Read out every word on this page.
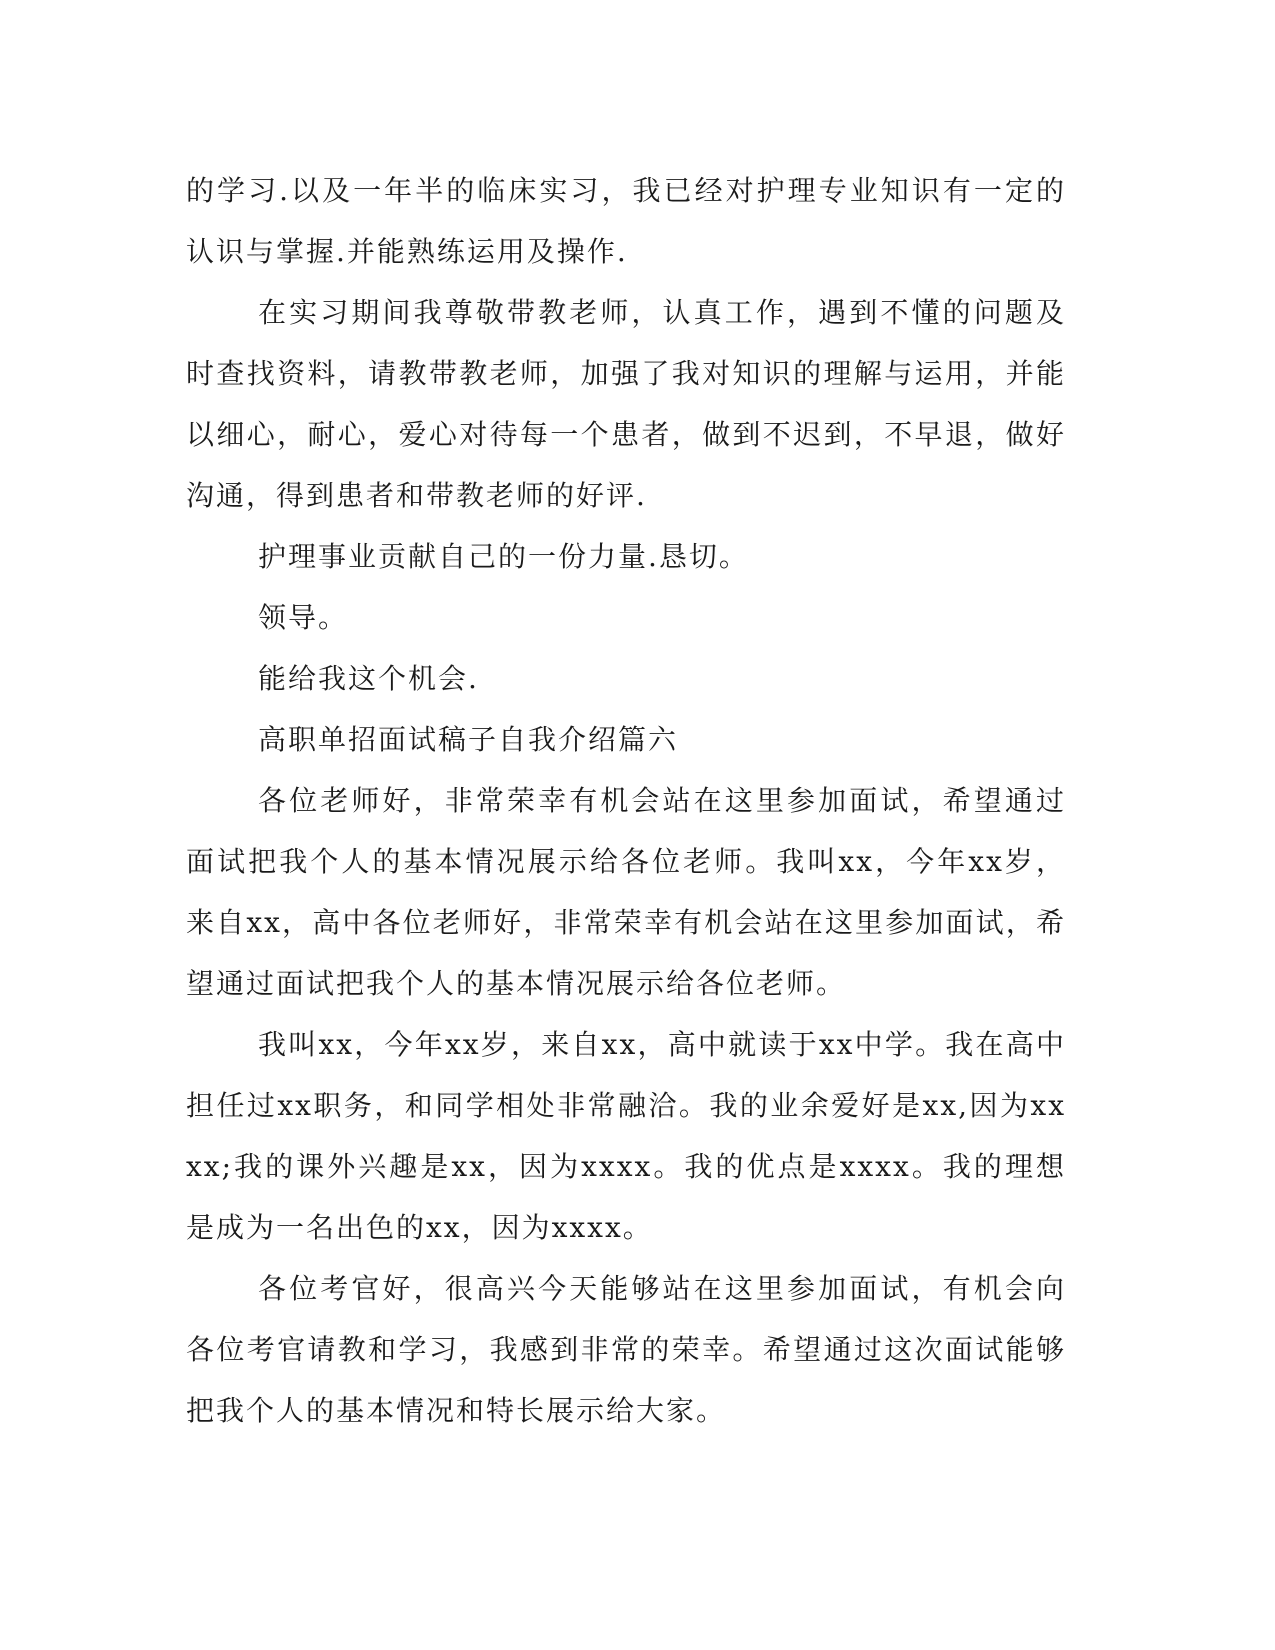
的学习.以及一年半的临床实习，我已经对护理专业知识有一定的认识与掌握.并能熟练运用及操作.

在实习期间我尊敬带教老师，认真工作，遇到不懂的问题及时查找资料，请教带教老师，加强了我对知识的理解与运用，并能以细心，耐心，爱心对待每一个患者，做到不迟到，不早退，做好沟通，得到患者和带教老师的好评.

护理事业贡献自己的一份力量.恳切。

领导。

能给我这个机会.

高职单招面试稿子自我介绍篇六

各位老师好，非常荣幸有机会站在这里参加面试，希望通过面试把我个人的基本情况展示给各位老师。我叫xx，今年xx岁，来自xx，高中各位老师好，非常荣幸有机会站在这里参加面试，希望通过面试把我个人的基本情况展示给各位老师。

我叫xx，今年xx岁，来自xx，高中就读于xx中学。我在高中担任过xx职务，和同学相处非常融洽。我的业余爱好是xx,因为xxxx;我的课外兴趣是xx，因为xxxx。我的优点是xxxx。我的理想是成为一名出色的xx，因为xxxx。

各位考官好，很高兴今天能够站在这里参加面试，有机会向各位考官请教和学习，我感到非常的荣幸。希望通过这次面试能够把我个人的基本情况和特长展示给大家。
